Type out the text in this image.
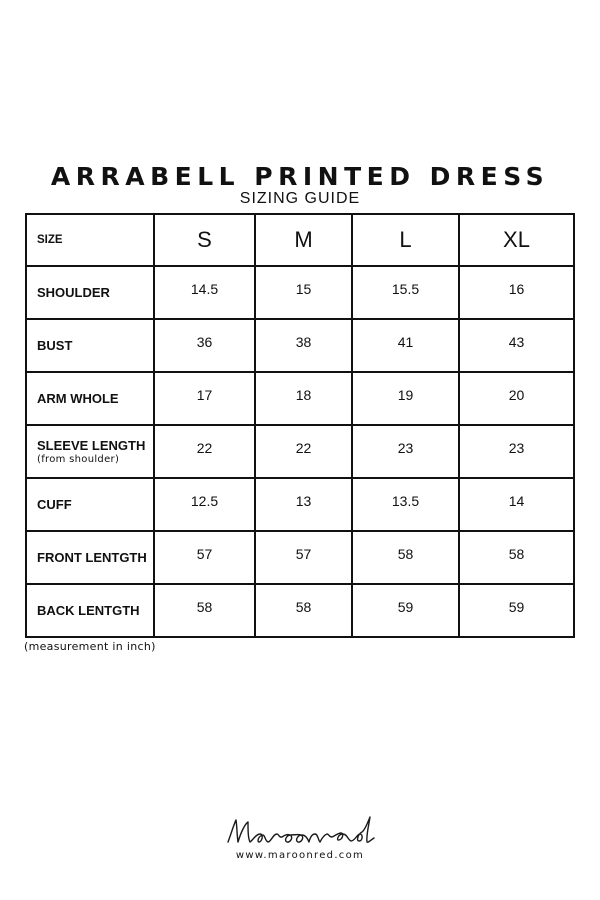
ARRABELL PRINTED DRESS
SIZING GUIDE
SIZE	S	M	L	XL
SHOULDER	14.5	15	15.5	16
BUST	36	38	41	43
ARM WHOLE	17	18	19	20
SLEEVE LENGTH
(from shoulder)	22	22	23	23
CUFF	12.5	13	13.5	14
FRONT LENTGTH	57	57	58	58
BACK LENTGTH	58	58	59	59
(measurement in inch)
www.maroonred.com
